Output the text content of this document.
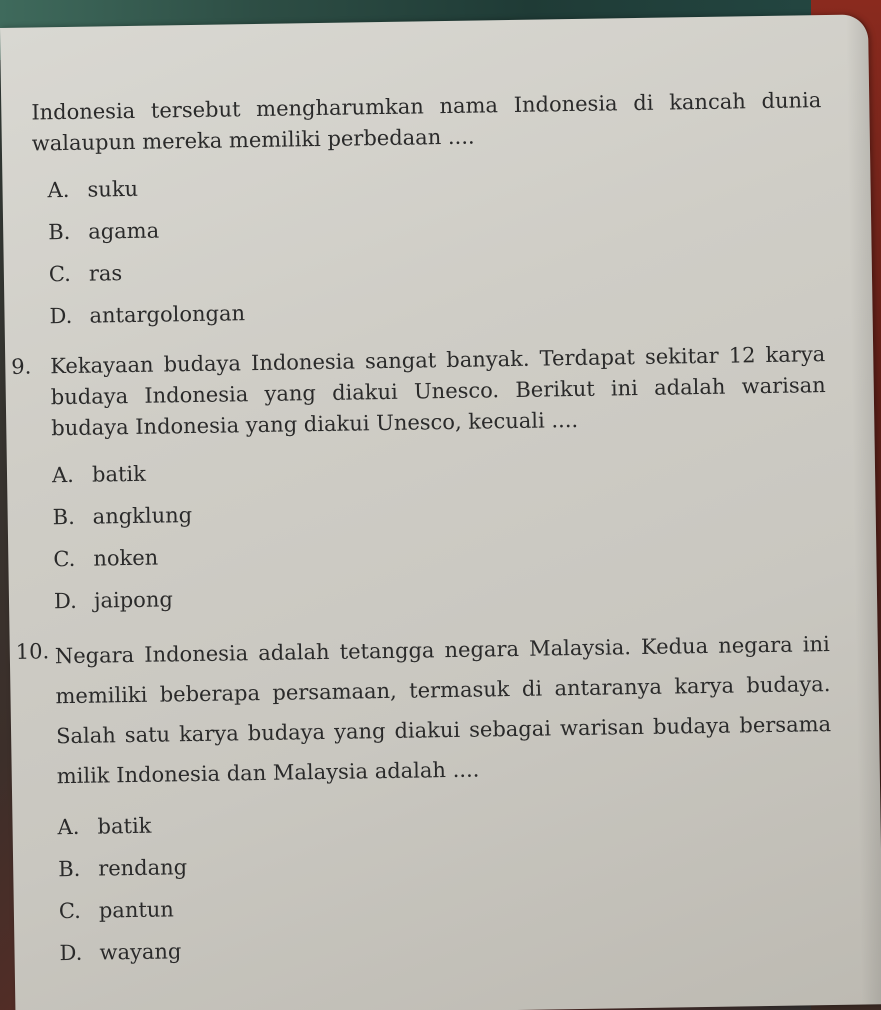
Indonesia tersebut mengharumkan nama Indonesia di kancah dunia walaupun mereka memiliki perbedaan ....

A. suku
B. agama
C. ras
D. antargolongan
9. Kekayaan budaya Indonesia sangat banyak. Terdapat sekitar 12 karya budaya Indonesia yang diakui Unesco. Berikut ini adalah warisan budaya Indonesia yang diakui Unesco, kecuali ....

A. batik
B. angklung
C. noken
D. jaipong
10. Negara Indonesia adalah tetangga negara Malaysia. Kedua negara ini memiliki beberapa persamaan, termasuk di antaranya karya budaya. Salah satu karya budaya yang diakui sebagai warisan budaya bersama milik Indonesia dan Malaysia adalah ....

A. batik
B. rendang
C. pantun
D. wayang
